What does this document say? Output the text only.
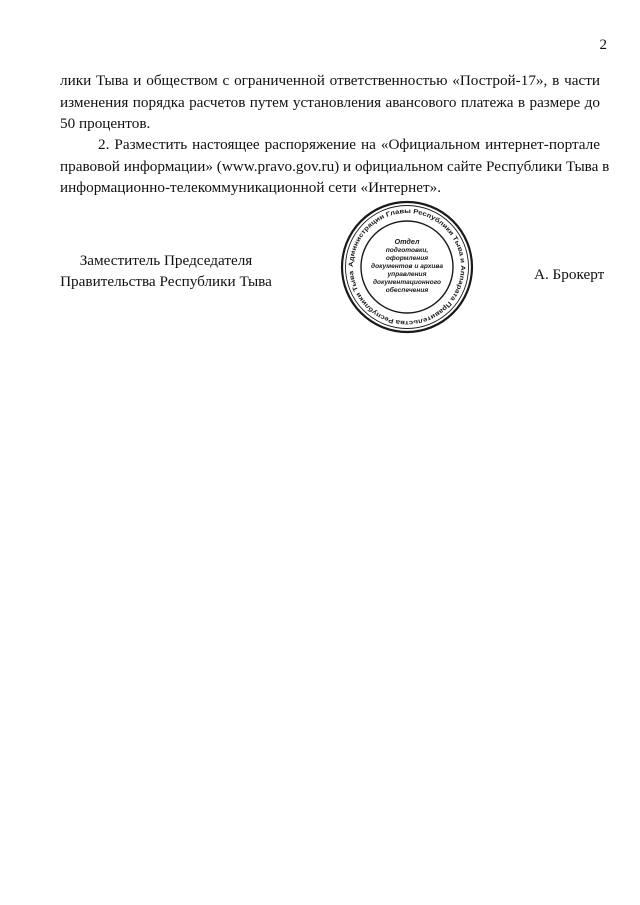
2

лики Тыва и обществом с ограниченной ответственностью «Построй-17», в части
изменения порядка расчетов путем установления авансового платежа в размере до
50 процентов.

2. Разместить настоящее распоряжение на «Официальном интернет-портале
правовой информации» (www.pravo.gov.ru) и официальном сайте Республики Тыва в
информационно-телекоммуникационной сети «Интернет».

Заместитель Председателя
Правительства Республики Тыва
Администрации Главы Республики Тыва и Аппарата Правительства Республики Тыва
Отдел
подготовки,
оформления
документов и архива
управления
документационного
обеспечения
А. Брокерт
